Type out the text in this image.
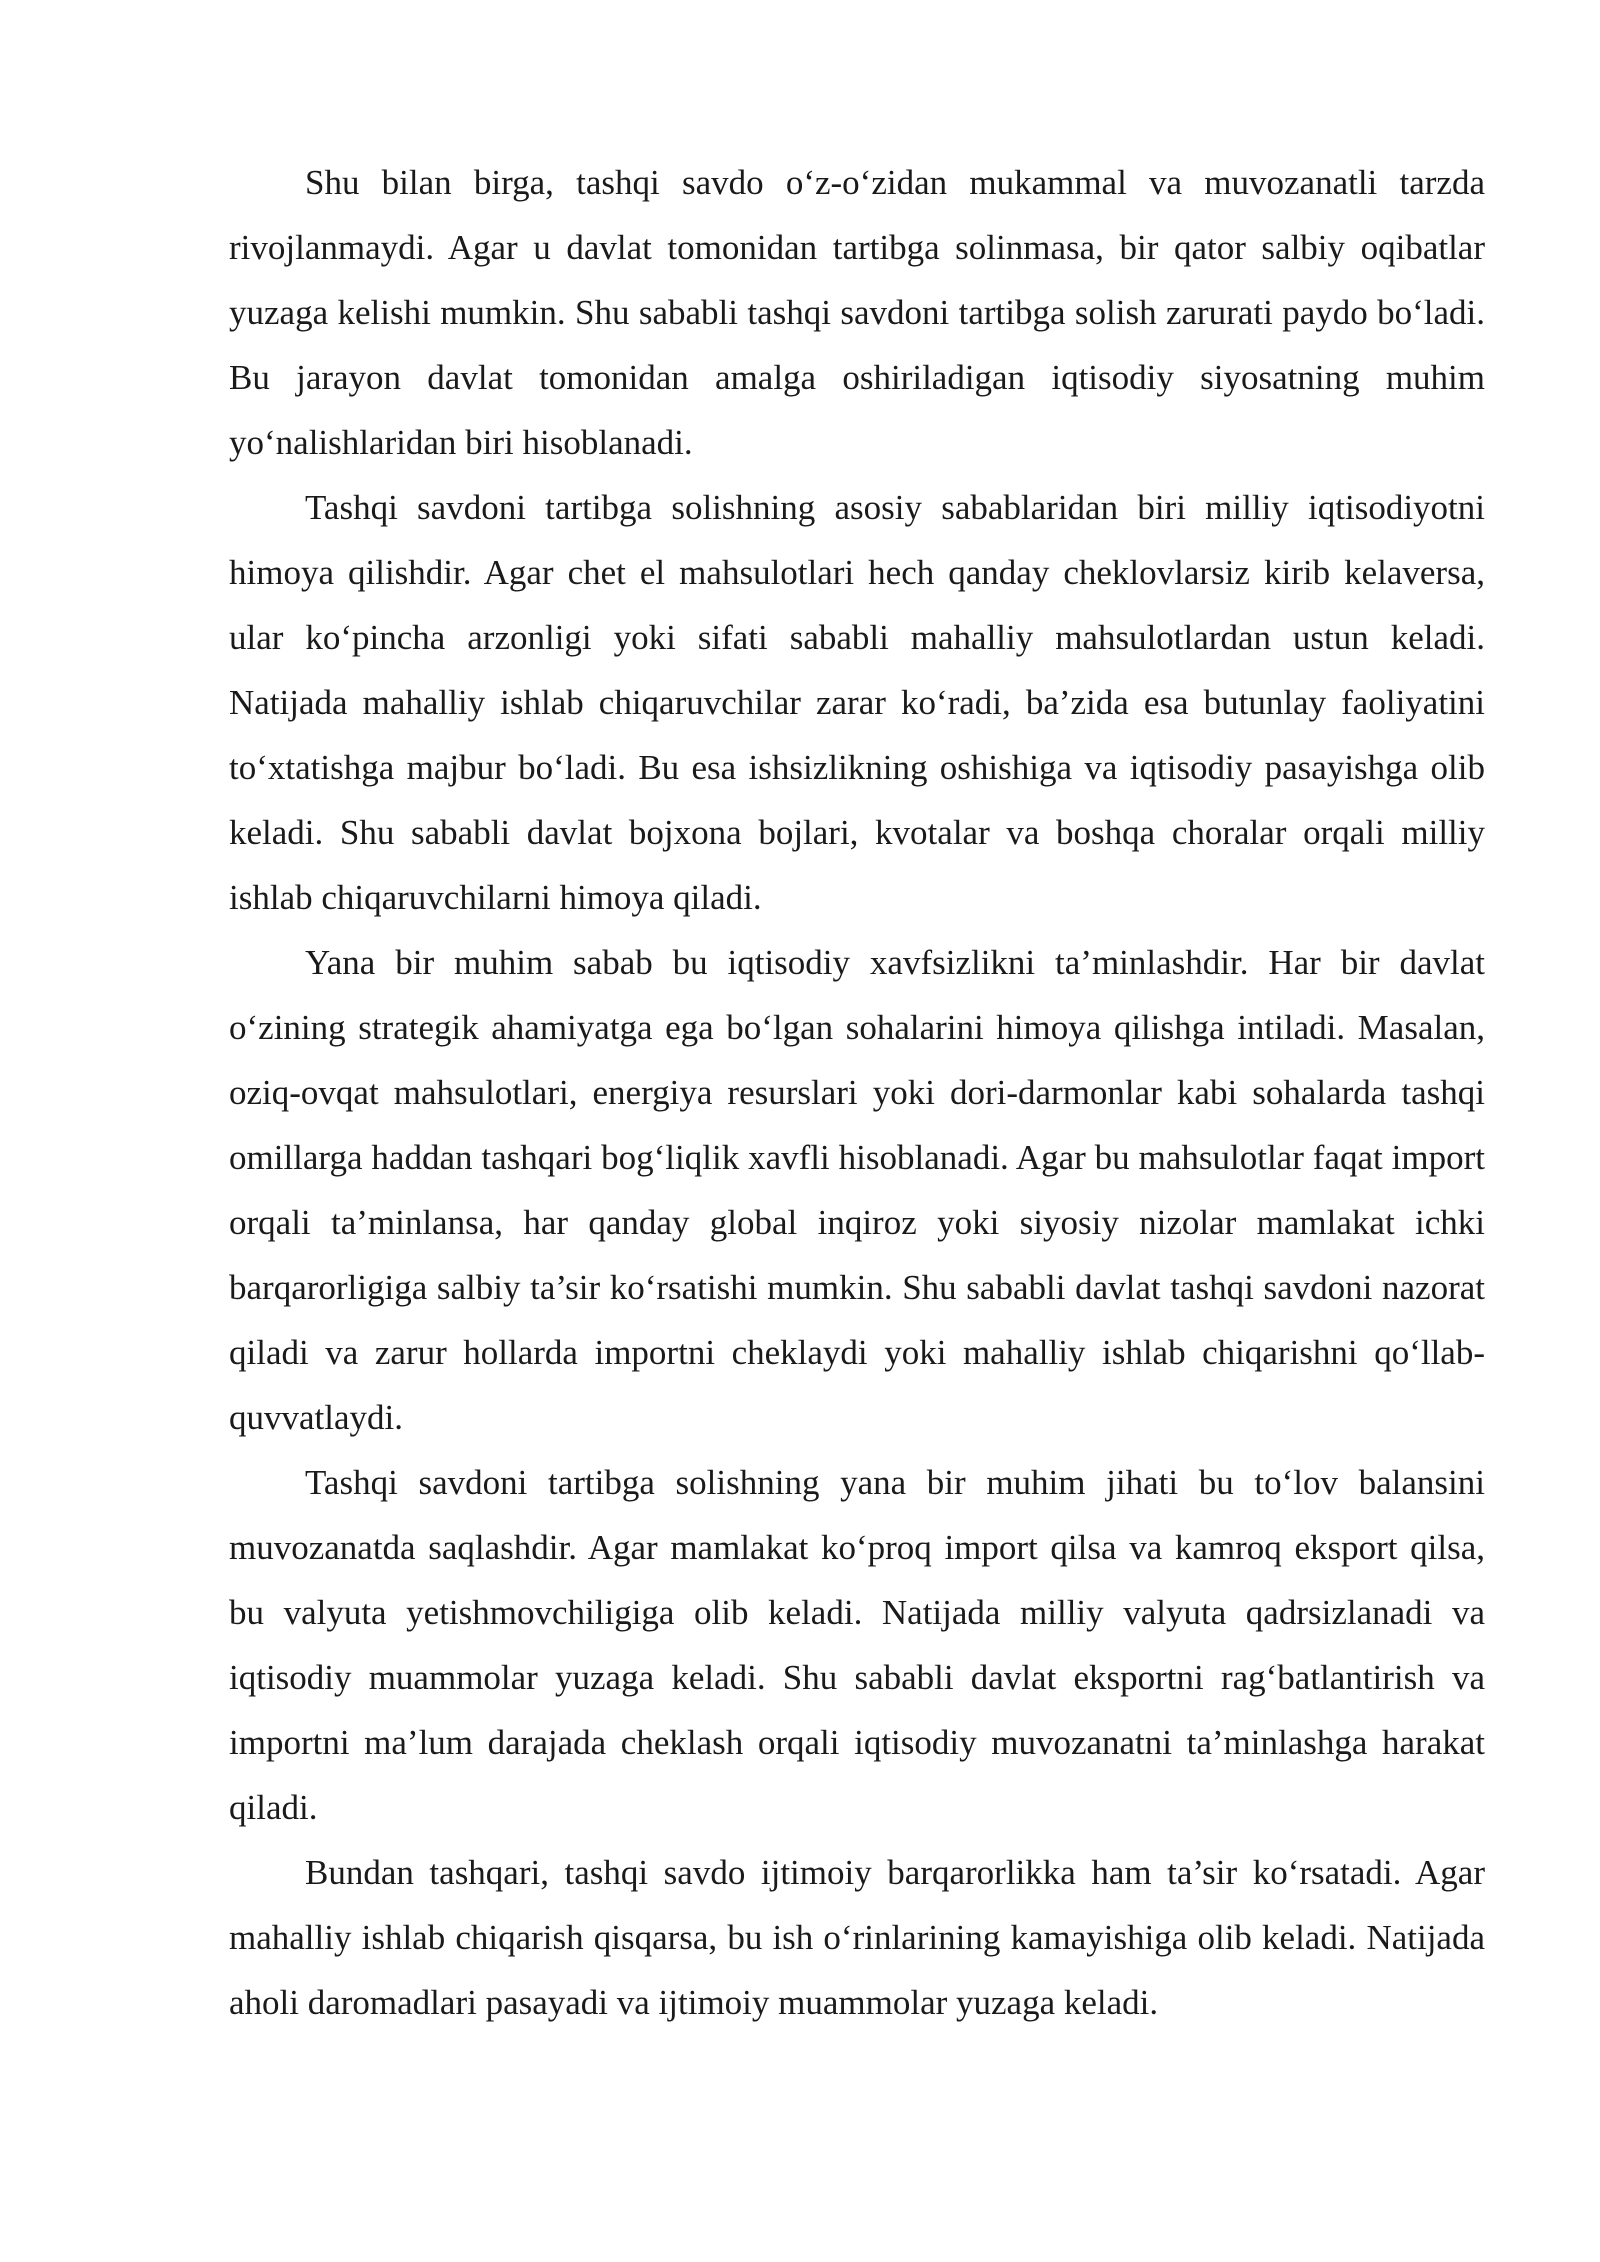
Shu bilan birga, tashqi savdo o‘z-o‘zidan mukammal va muvozanatli tarzda rivojlanmaydi. Agar u davlat tomonidan tartibga solinmasa, bir qator salbiy oqibatlar yuzaga kelishi mumkin. Shu sababli tashqi savdoni tartibga solish zarurati paydo bo‘ladi. Bu jarayon davlat tomonidan amalga oshiriladigan iqtisodiy siyosatning muhim yo‘nalishlaridan biri hisoblanadi.

Tashqi savdoni tartibga solishning asosiy sabablaridan biri milliy iqtisodiyotni himoya qilishdir. Agar chet el mahsulotlari hech qanday cheklovlarsiz kirib kelaversa, ular ko‘pincha arzonligi yoki sifati sababli mahalliy mahsulotlardan ustun keladi. Natijada mahalliy ishlab chiqaruvchilar zarar ko‘radi, ba’zida esa butunlay faoliyatini to‘xtatishga majbur bo‘ladi. Bu esa ishsizlikning oshishiga va iqtisodiy pasayishga olib keladi. Shu sababli davlat bojxona bojlari, kvotalar va boshqa choralar orqali milliy ishlab chiqaruvchilarni himoya qiladi.

Yana bir muhim sabab bu iqtisodiy xavfsizlikni ta’minlashdir. Har bir davlat o‘zining strategik ahamiyatga ega bo‘lgan sohalarini himoya qilishga intiladi. Masalan, oziq-ovqat mahsulotlari, energiya resurslari yoki dori-darmonlar kabi sohalarda tashqi omillarga haddan tashqari bog‘liqlik xavfli hisoblanadi. Agar bu mahsulotlar faqat import orqali ta’minlansa, har qanday global inqiroz yoki siyosiy nizolar mamlakat ichki barqarorligiga salbiy ta’sir ko‘rsatishi mumkin. Shu sababli davlat tashqi savdoni nazorat qiladi va zarur hollarda importni cheklaydi yoki mahalliy ishlab chiqarishni qo‘llab-quvvatlaydi.

Tashqi savdoni tartibga solishning yana bir muhim jihati bu to‘lov balansini muvozanatda saqlashdir. Agar mamlakat ko‘proq import qilsa va kamroq eksport qilsa, bu valyuta yetishmovchiligiga olib keladi. Natijada milliy valyuta qadrsizlanadi va iqtisodiy muammolar yuzaga keladi. Shu sababli davlat eksportni rag‘batlantirish va importni ma’lum darajada cheklash orqali iqtisodiy muvozanatni ta’minlashga harakat qiladi.

Bundan tashqari, tashqi savdo ijtimoiy barqarorlikka ham ta’sir ko‘rsatadi. Agar mahalliy ishlab chiqarish qisqarsa, bu ish o‘rinlarining kamayishiga olib keladi. Natijada aholi daromadlari pasayadi va ijtimoiy muammolar yuzaga keladi.
